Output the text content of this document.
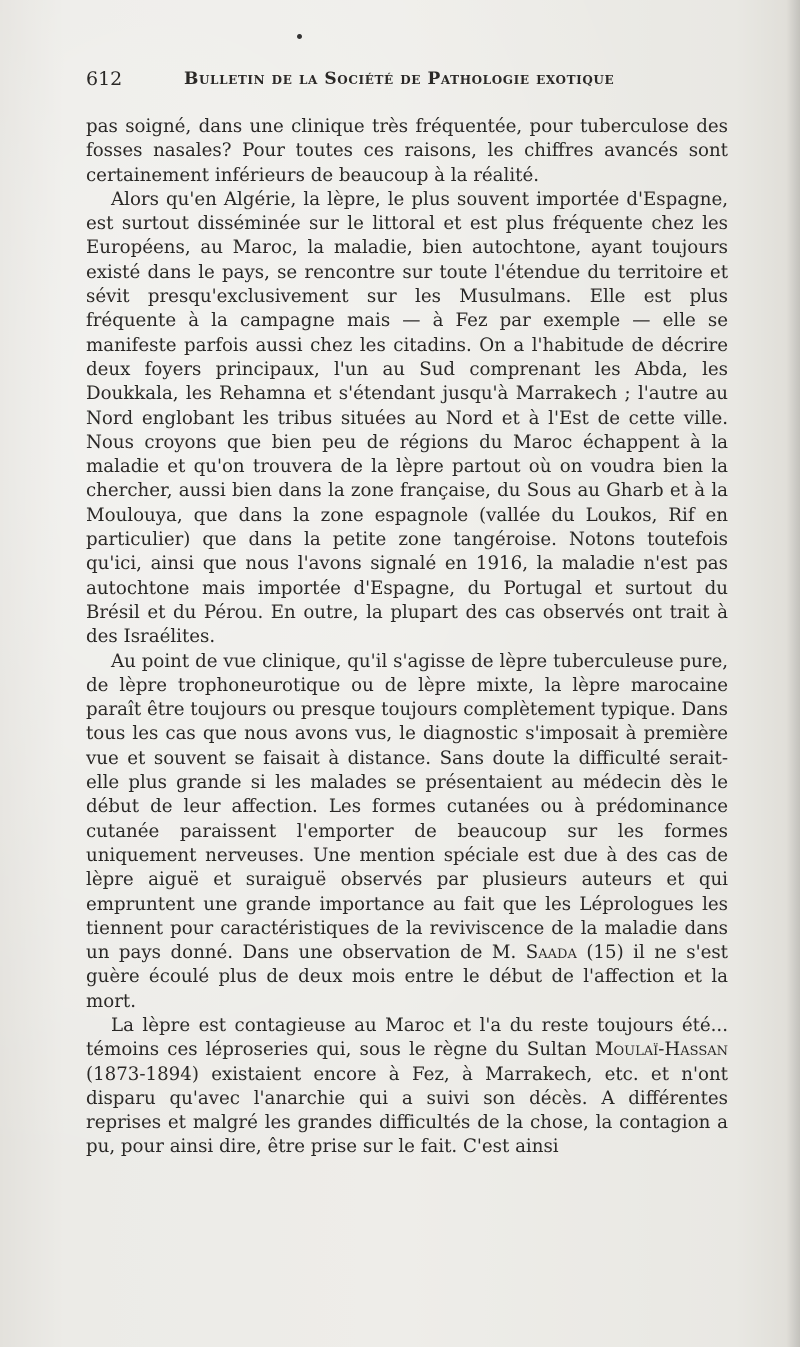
612	Bulletin de la Société de Pathologie exotique

pas soigné, dans une clinique très fréquentée, pour tuberculose des fosses nasales? Pour toutes ces raisons, les chiffres avancés sont certainement inférieurs de beaucoup à la réalité.

Alors qu'en Algérie, la lèpre, le plus souvent importée d'Espagne, est surtout disséminée sur le littoral et est plus fréquente chez les Européens, au Maroc, la maladie, bien autochtone, ayant toujours existé dans le pays, se rencontre sur toute l'étendue du territoire et sévit presqu'exclusivement sur les Musulmans. Elle est plus fréquente à la campagne mais — à Fez par exemple — elle se manifeste parfois aussi chez les citadins. On a l'habitude de décrire deux foyers principaux, l'un au Sud comprenant les Abda, les Doukkala, les Rehamna et s'étendant jusqu'à Marrakech ; l'autre au Nord englobant les tribus situées au Nord et à l'Est de cette ville. Nous croyons que bien peu de régions du Maroc échappent à la maladie et qu'on trouvera de la lèpre partout où on voudra bien la chercher, aussi bien dans la zone française, du Sous au Gharb et à la Moulouya, que dans la zone espagnole (vallée du Loukos, Rif en particulier) que dans la petite zone tangéroise. Notons toutefois qu'ici, ainsi que nous l'avons signalé en 1916, la maladie n'est pas autochtone mais importée d'Espagne, du Portugal et surtout du Brésil et du Pérou. En outre, la plupart des cas observés ont trait à des Israélites.

Au point de vue clinique, qu'il s'agisse de lèpre tuberculeuse pure, de lèpre trophoneurotique ou de lèpre mixte, la lèpre marocaine paraît être toujours ou presque toujours complètement typique. Dans tous les cas que nous avons vus, le diagnostic s'imposait à première vue et souvent se faisait à distance. Sans doute la difficulté serait-elle plus grande si les malades se présentaient au médecin dès le début de leur affection. Les formes cutanées ou à prédominance cutanée paraissent l'emporter de beaucoup sur les formes uniquement nerveuses. Une mention spéciale est due à des cas de lèpre aiguë et suraiguë observés par plusieurs auteurs et qui empruntent une grande importance au fait que les Léprologues les tiennent pour caractéristiques de la reviviscence de la maladie dans un pays donné. Dans une observation de M. Saada (15) il ne s'est guère écoulé plus de deux mois entre le début de l'affection et la mort.

La lèpre est contagieuse au Maroc et l'a du reste toujours été... témoins ces léproseries qui, sous le règne du Sultan Moulaï-Hassan (1873-1894) existaient encore à Fez, à Marrakech, etc. et n'ont disparu qu'avec l'anarchie qui a suivi son décès. A différentes reprises et malgré les grandes difficultés de la chose, la contagion a pu, pour ainsi dire, être prise sur le fait. C'est ainsi
